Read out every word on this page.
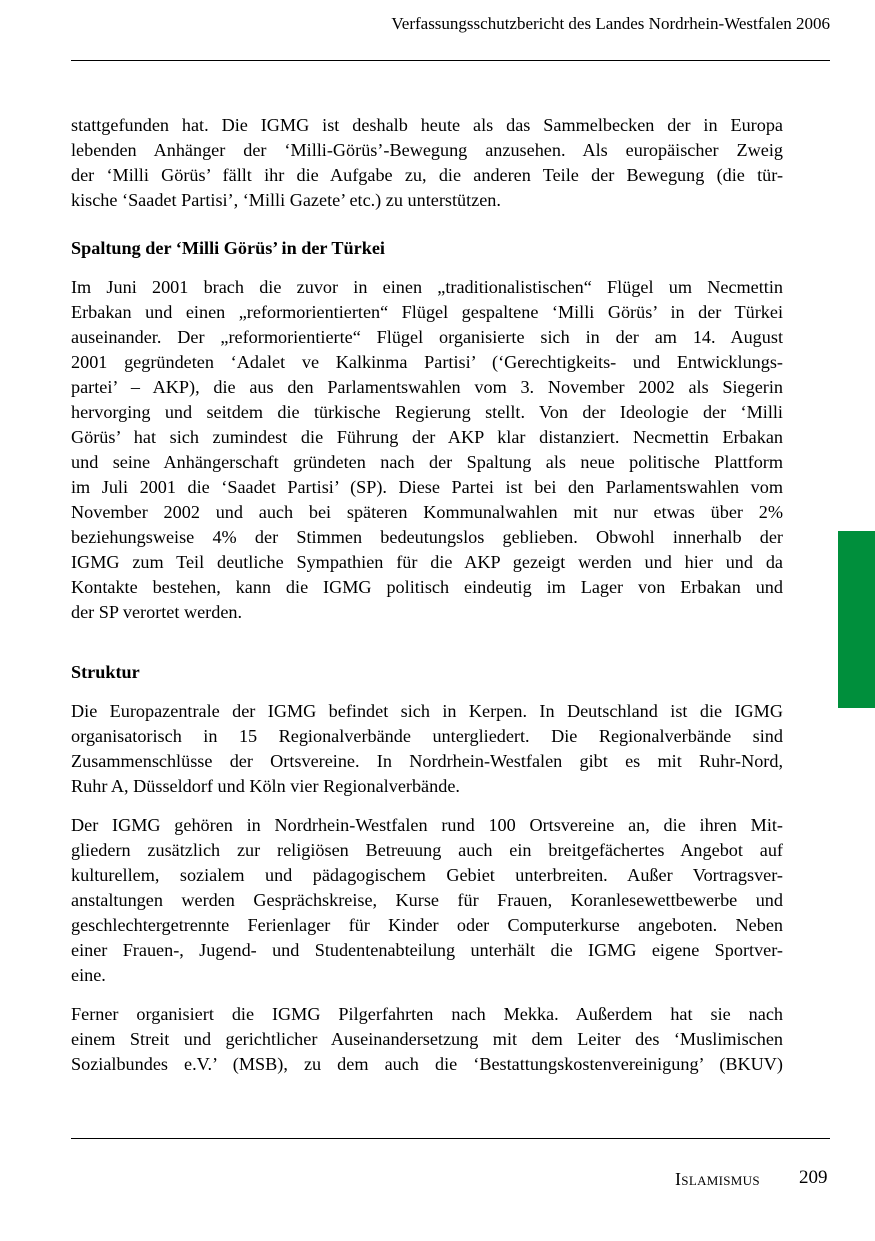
Verfassungsschutzbericht des Landes Nordrhein-Westfalen 2006

stattgefunden hat. Die IGMG ist deshalb heute als das Sammelbecken der in Europa
lebenden Anhänger der ‘Milli-Görüs’-Bewegung anzusehen. Als europäischer Zweig
der ‘Milli Görüs’ fällt ihr die Aufgabe zu, die anderen Teile der Bewegung (die tür-
kische ‘Saadet Partisi’, ‘Milli Gazete’ etc.) zu unterstützen.

Spaltung der ‘Milli Görüs’ in der Türkei

Im Juni 2001 brach die zuvor in einen „traditionalistischen“ Flügel um Necmettin
Erbakan und einen „reformorientierten“ Flügel gespaltene ‘Milli Görüs’ in der Türkei
auseinander. Der „reformorientierte“ Flügel organisierte sich in der am 14. August
2001 gegründeten ‘Adalet ve Kalkinma Partisi’ (‘Gerechtigkeits- und Entwicklungs-
partei’ – AKP), die aus den Parlamentswahlen vom 3. November 2002 als Siegerin
hervorging und seitdem die türkische Regierung stellt. Von der Ideologie der ‘Milli
Görüs’ hat sich zumindest die Führung der AKP klar distanziert. Necmettin Erbakan
und seine Anhängerschaft gründeten nach der Spaltung als neue politische Plattform
im Juli 2001 die ‘Saadet Partisi’ (SP). Diese Partei ist bei den Parlamentswahlen vom
November 2002 und auch bei späteren Kommunalwahlen mit nur etwas über 2%
beziehungsweise 4% der Stimmen bedeutungslos geblieben. Obwohl innerhalb der
IGMG zum Teil deutliche Sympathien für die AKP gezeigt werden und hier und da
Kontakte bestehen, kann die IGMG politisch eindeutig im Lager von Erbakan und
der SP verortet werden.

Struktur

Die Europazentrale der IGMG befindet sich in Kerpen. In Deutschland ist die IGMG
organisatorisch in 15 Regionalverbände untergliedert. Die Regionalverbände sind
Zusammenschlüsse der Ortsvereine. In Nordrhein-Westfalen gibt es mit Ruhr-Nord,
Ruhr A, Düsseldorf und Köln vier Regionalverbände.

Der IGMG gehören in Nordrhein-Westfalen rund 100 Ortsvereine an, die ihren Mit-
gliedern zusätzlich zur religiösen Betreuung auch ein breitgefächertes Angebot auf
kulturellem, sozialem und pädagogischem Gebiet unterbreiten. Außer Vortragsver-
anstaltungen werden Gesprächskreise, Kurse für Frauen, Koranlesewettbewerbe und
geschlechtergetrennte Ferienlager für Kinder oder Computerkurse angeboten. Neben
einer Frauen-, Jugend- und Studentenabteilung unterhält die IGMG eigene Sportver-
eine.

Ferner organisiert die IGMG Pilgerfahrten nach Mekka. Außerdem hat sie nach
einem Streit und gerichtlicher Auseinandersetzung mit dem Leiter des ‘Muslimischen
Sozialbundes e.V.’ (MSB), zu dem auch die ‘Bestattungskostenvereinigung’ (BKUV)

Islamismus 209
